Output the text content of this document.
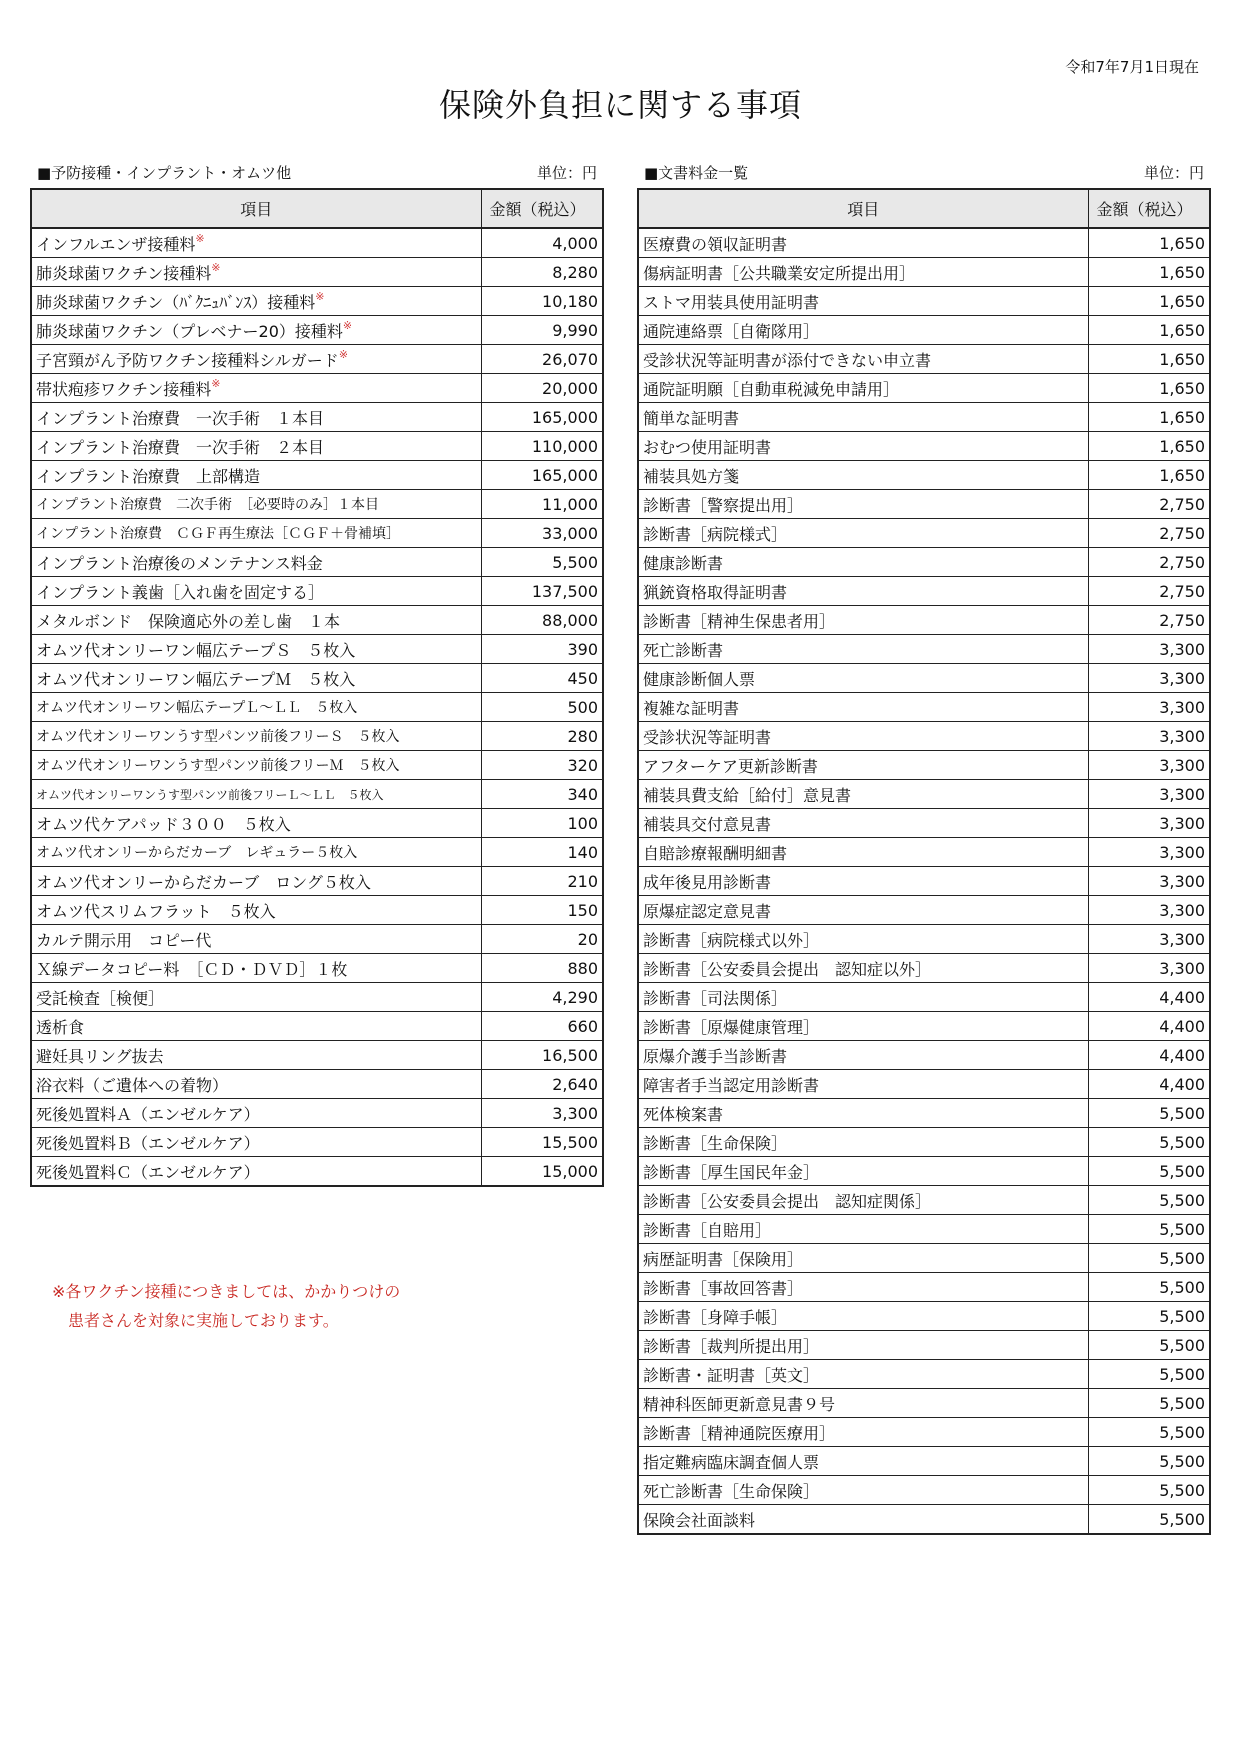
令和7年7月1日現在
保険外負担に関する事項
■予防接種・インプラント・オムツ他	単位：円	■文書料金一覧	単位：円
項目	金額（税込）
インフルエンザ接種料※	4,000
肺炎球菌ワクチン接種料※	8,280
肺炎球菌ワクチン（ﾊﾞｸﾆｭﾊﾞﾝｽ）接種料※	10,180
肺炎球菌ワクチン（プレベナー20）接種料※	9,990
子宮頸がん予防ワクチン接種料シルガード※	26,070
帯状疱疹ワクチン接種料※	20,000
インプラント治療費　一次手術　１本目	165,000
インプラント治療費　一次手術　２本目	110,000
インプラント治療費　上部構造	165,000
インプラント治療費　二次手術　［必要時のみ］１本目	11,000
インプラント治療費　ＣＧＦ再生療法［ＣＧＦ＋骨補填］	33,000
インプラント治療後のメンテナンス料金	5,500
インプラント義歯［入れ歯を固定する］	137,500
メタルボンド　保険適応外の差し歯　１本	88,000
オムツ代オンリーワン幅広テープＳ　５枚入	390
オムツ代オンリーワン幅広テープＭ　５枚入	450
オムツ代オンリーワン幅広テープＬ～ＬＬ　５枚入	500
オムツ代オンリーワンうす型パンツ前後フリーＳ　５枚入	280
オムツ代オンリーワンうす型パンツ前後フリーＭ　５枚入	320
オムツ代オンリーワンうす型パンツ前後フリーＬ～ＬＬ　５枚入	340
オムツ代ケアパッド３００　５枚入	100
オムツ代オンリーからだカーブ　レギュラー５枚入	140
オムツ代オンリーからだカーブ　ロング５枚入	210
オムツ代スリムフラット　５枚入	150
カルテ開示用　コピー代	20
Ｘ線データコピー料　［ＣＤ・ＤＶＤ］１枚	880
受託検査［検便］	4,290
透析食	660
避妊具リング抜去	16,500
浴衣料（ご遺体への着物）	2,640
死後処置料Ａ（エンゼルケア）	3,300
死後処置料Ｂ（エンゼルケア）	15,500
死後処置料Ｃ（エンゼルケア）	15,000
項目	金額（税込）
医療費の領収証明書	1,650
傷病証明書［公共職業安定所提出用］	1,650
ストマ用装具使用証明書	1,650
通院連絡票［自衛隊用］	1,650
受診状況等証明書が添付できない申立書	1,650
通院証明願［自動車税減免申請用］	1,650
簡単な証明書	1,650
おむつ使用証明書	1,650
補装具処方箋	1,650
診断書［警察提出用］	2,750
診断書［病院様式］	2,750
健康診断書	2,750
猟銃資格取得証明書	2,750
診断書［精神生保患者用］	2,750
死亡診断書	3,300
健康診断個人票	3,300
複雑な証明書	3,300
受診状況等証明書	3,300
アフターケア更新診断書	3,300
補装具費支給［給付］意見書	3,300
補装具交付意見書	3,300
自賠診療報酬明細書	3,300
成年後見用診断書	3,300
原爆症認定意見書	3,300
診断書［病院様式以外］	3,300
診断書［公安委員会提出　認知症以外］	3,300
診断書［司法関係］	4,400
診断書［原爆健康管理］	4,400
原爆介護手当診断書	4,400
障害者手当認定用診断書	4,400
死体検案書	5,500
診断書［生命保険］	5,500
診断書［厚生国民年金］	5,500
診断書［公安委員会提出　認知症関係］	5,500
診断書［自賠用］	5,500
病歴証明書［保険用］	5,500
診断書［事故回答書］	5,500
診断書［身障手帳］	5,500
診断書［裁判所提出用］	5,500
診断書・証明書［英文］	5,500
精神科医師更新意見書９号	5,500
診断書［精神通院医療用］	5,500
指定難病臨床調査個人票	5,500
死亡診断書［生命保険］	5,500
保険会社面談料	5,500
※各ワクチン接種につきましては、かかりつけの
患者さんを対象に実施しております。
